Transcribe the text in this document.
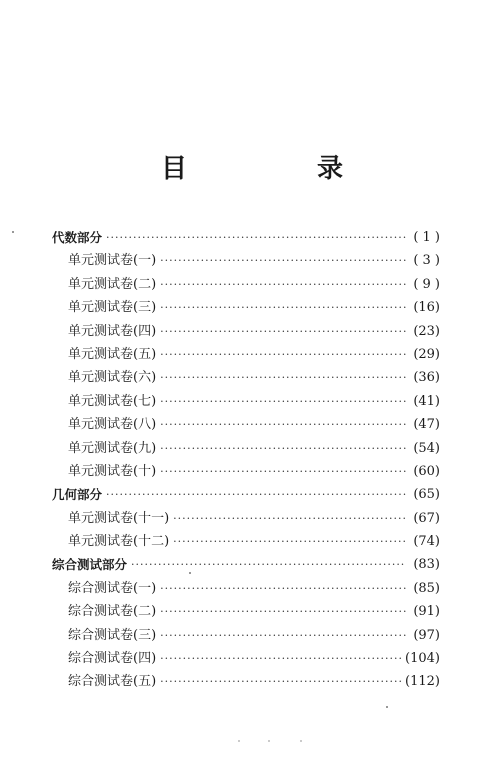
目　录
代数部分 ·····	( 1 )
单元测试卷(一) ·····	( 3 )
单元测试卷(二) ·····	( 9 )
单元测试卷(三) ·····	(16)
单元测试卷(四) ·····	(23)
单元测试卷(五) ·····	(29)
单元测试卷(六) ·····	(36)
单元测试卷(七) ·····	(41)
单元测试卷(八) ·····	(47)
单元测试卷(九) ·····	(54)
单元测试卷(十) ·····	(60)
几何部分 ·····	(65)
单元测试卷(十一) ·····	(67)
单元测试卷(十二) ·····	(74)
综合测试部分 ·····	(83)
综合测试卷(一) ·····	(85)
综合测试卷(二) ·····	(91)
综合测试卷(三) ·····	(97)
综合测试卷(四) ·····	(104)
综合测试卷(五) ·····	(112)
